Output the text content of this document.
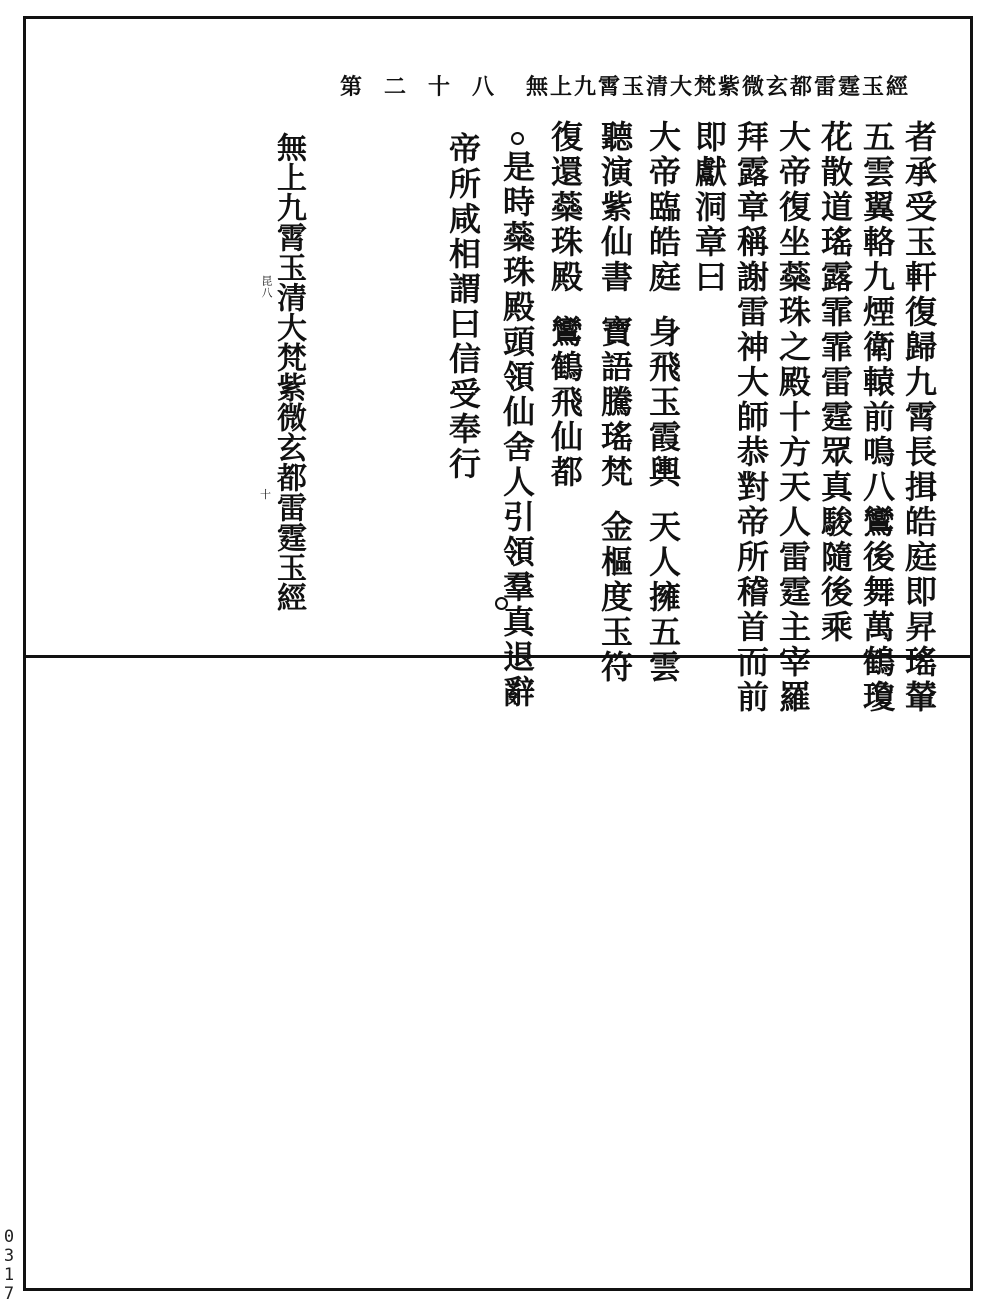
第二十八 無上九霄玉清大梵紫微玄都雷霆玉經
者承受玉軒復歸九霄長揖皓庭即昇瑤輦
五雲翼輅九煙衛轅前鳴八鸞後舞萬鶴瓊
花散道瑤露霏霏雷霆眾真駿隨後乘
大帝復坐蘂珠之殿十方天人雷霆主宰羅
拜露章稱謝雷神大師恭對帝所稽首而前
即獻洞章曰
大帝臨皓庭身飛玉霞輿天人擁五雲
聽演紫仙書寶語騰瑤梵金樞度玉符
復還蘂珠殿鸞鶴飛仙都
是時蘂珠殿頭領仙舍人引領羣真退辭
帝所咸相謂曰信受奉行
無上九霄玉清大梵紫微玄都雷霆玉經
昆八
十
0
3
1
7
